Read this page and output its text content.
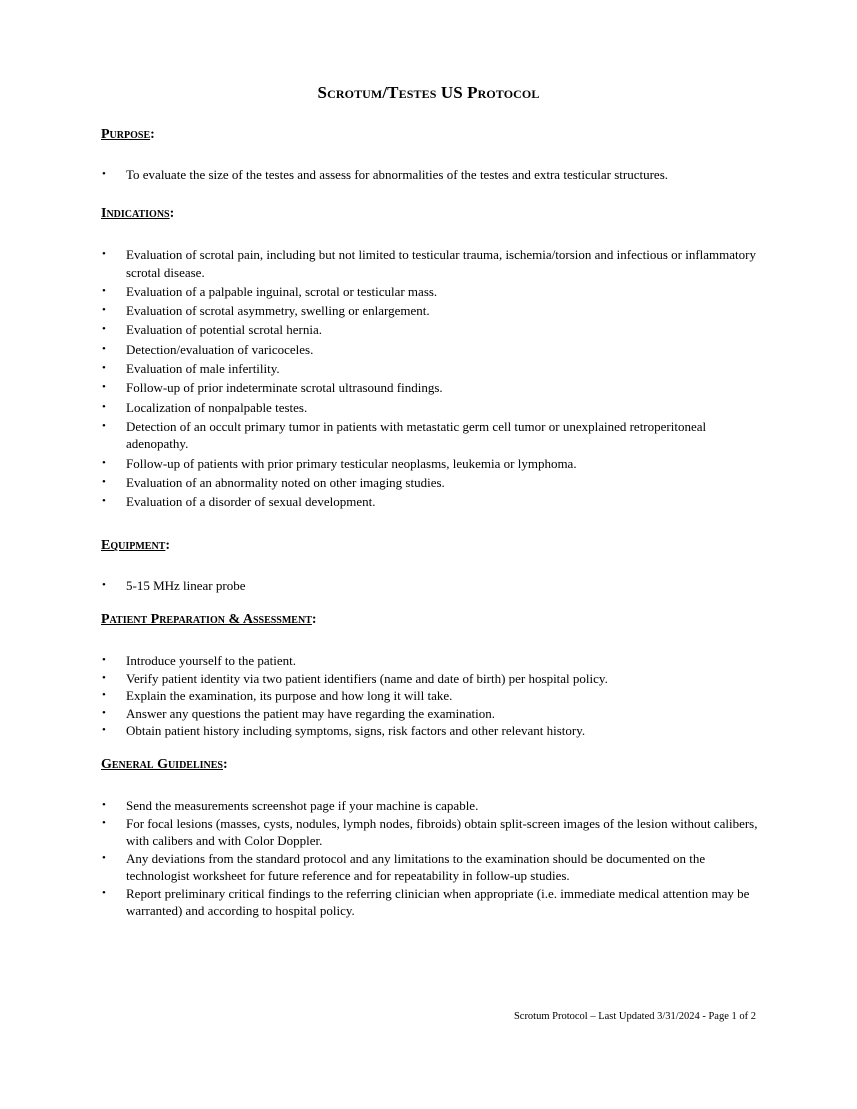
Scrotum/Testes US Protocol
Purpose:
• To evaluate the size of the testes and assess for abnormalities of the testes and extra testicular structures.
Indications:
• Evaluation of scrotal pain, including but not limited to testicular trauma, ischemia/torsion and infectious or inflammatory scrotal disease.
• Evaluation of a palpable inguinal, scrotal or testicular mass.
• Evaluation of scrotal asymmetry, swelling or enlargement.
• Evaluation of potential scrotal hernia.
• Detection/evaluation of varicoceles.
• Evaluation of male infertility.
• Follow-up of prior indeterminate scrotal ultrasound findings.
• Localization of nonpalpable testes.
• Detection of an occult primary tumor in patients with metastatic germ cell tumor or unexplained retroperitoneal adenopathy.
• Follow-up of patients with prior primary testicular neoplasms, leukemia or lymphoma.
• Evaluation of an abnormality noted on other imaging studies.
• Evaluation of a disorder of sexual development.
Equipment:
• 5-15 MHz linear probe
Patient Preparation & Assessment:
• Introduce yourself to the patient.
• Verify patient identity via two patient identifiers (name and date of birth) per hospital policy.
• Explain the examination, its purpose and how long it will take.
• Answer any questions the patient may have regarding the examination.
• Obtain patient history including symptoms, signs, risk factors and other relevant history.
General Guidelines:
• Send the measurements screenshot page if your machine is capable.
• For focal lesions (masses, cysts, nodules, lymph nodes, fibroids) obtain split-screen images of the lesion without calibers, with calibers and with Color Doppler.
• Any deviations from the standard protocol and any limitations to the examination should be documented on the technologist worksheet for future reference and for repeatability in follow-up studies.
• Report preliminary critical findings to the referring clinician when appropriate (i.e. immediate medical attention may be warranted) and according to hospital policy.
Scrotum Protocol – Last Updated 3/31/2024 - Page 1 of 2
